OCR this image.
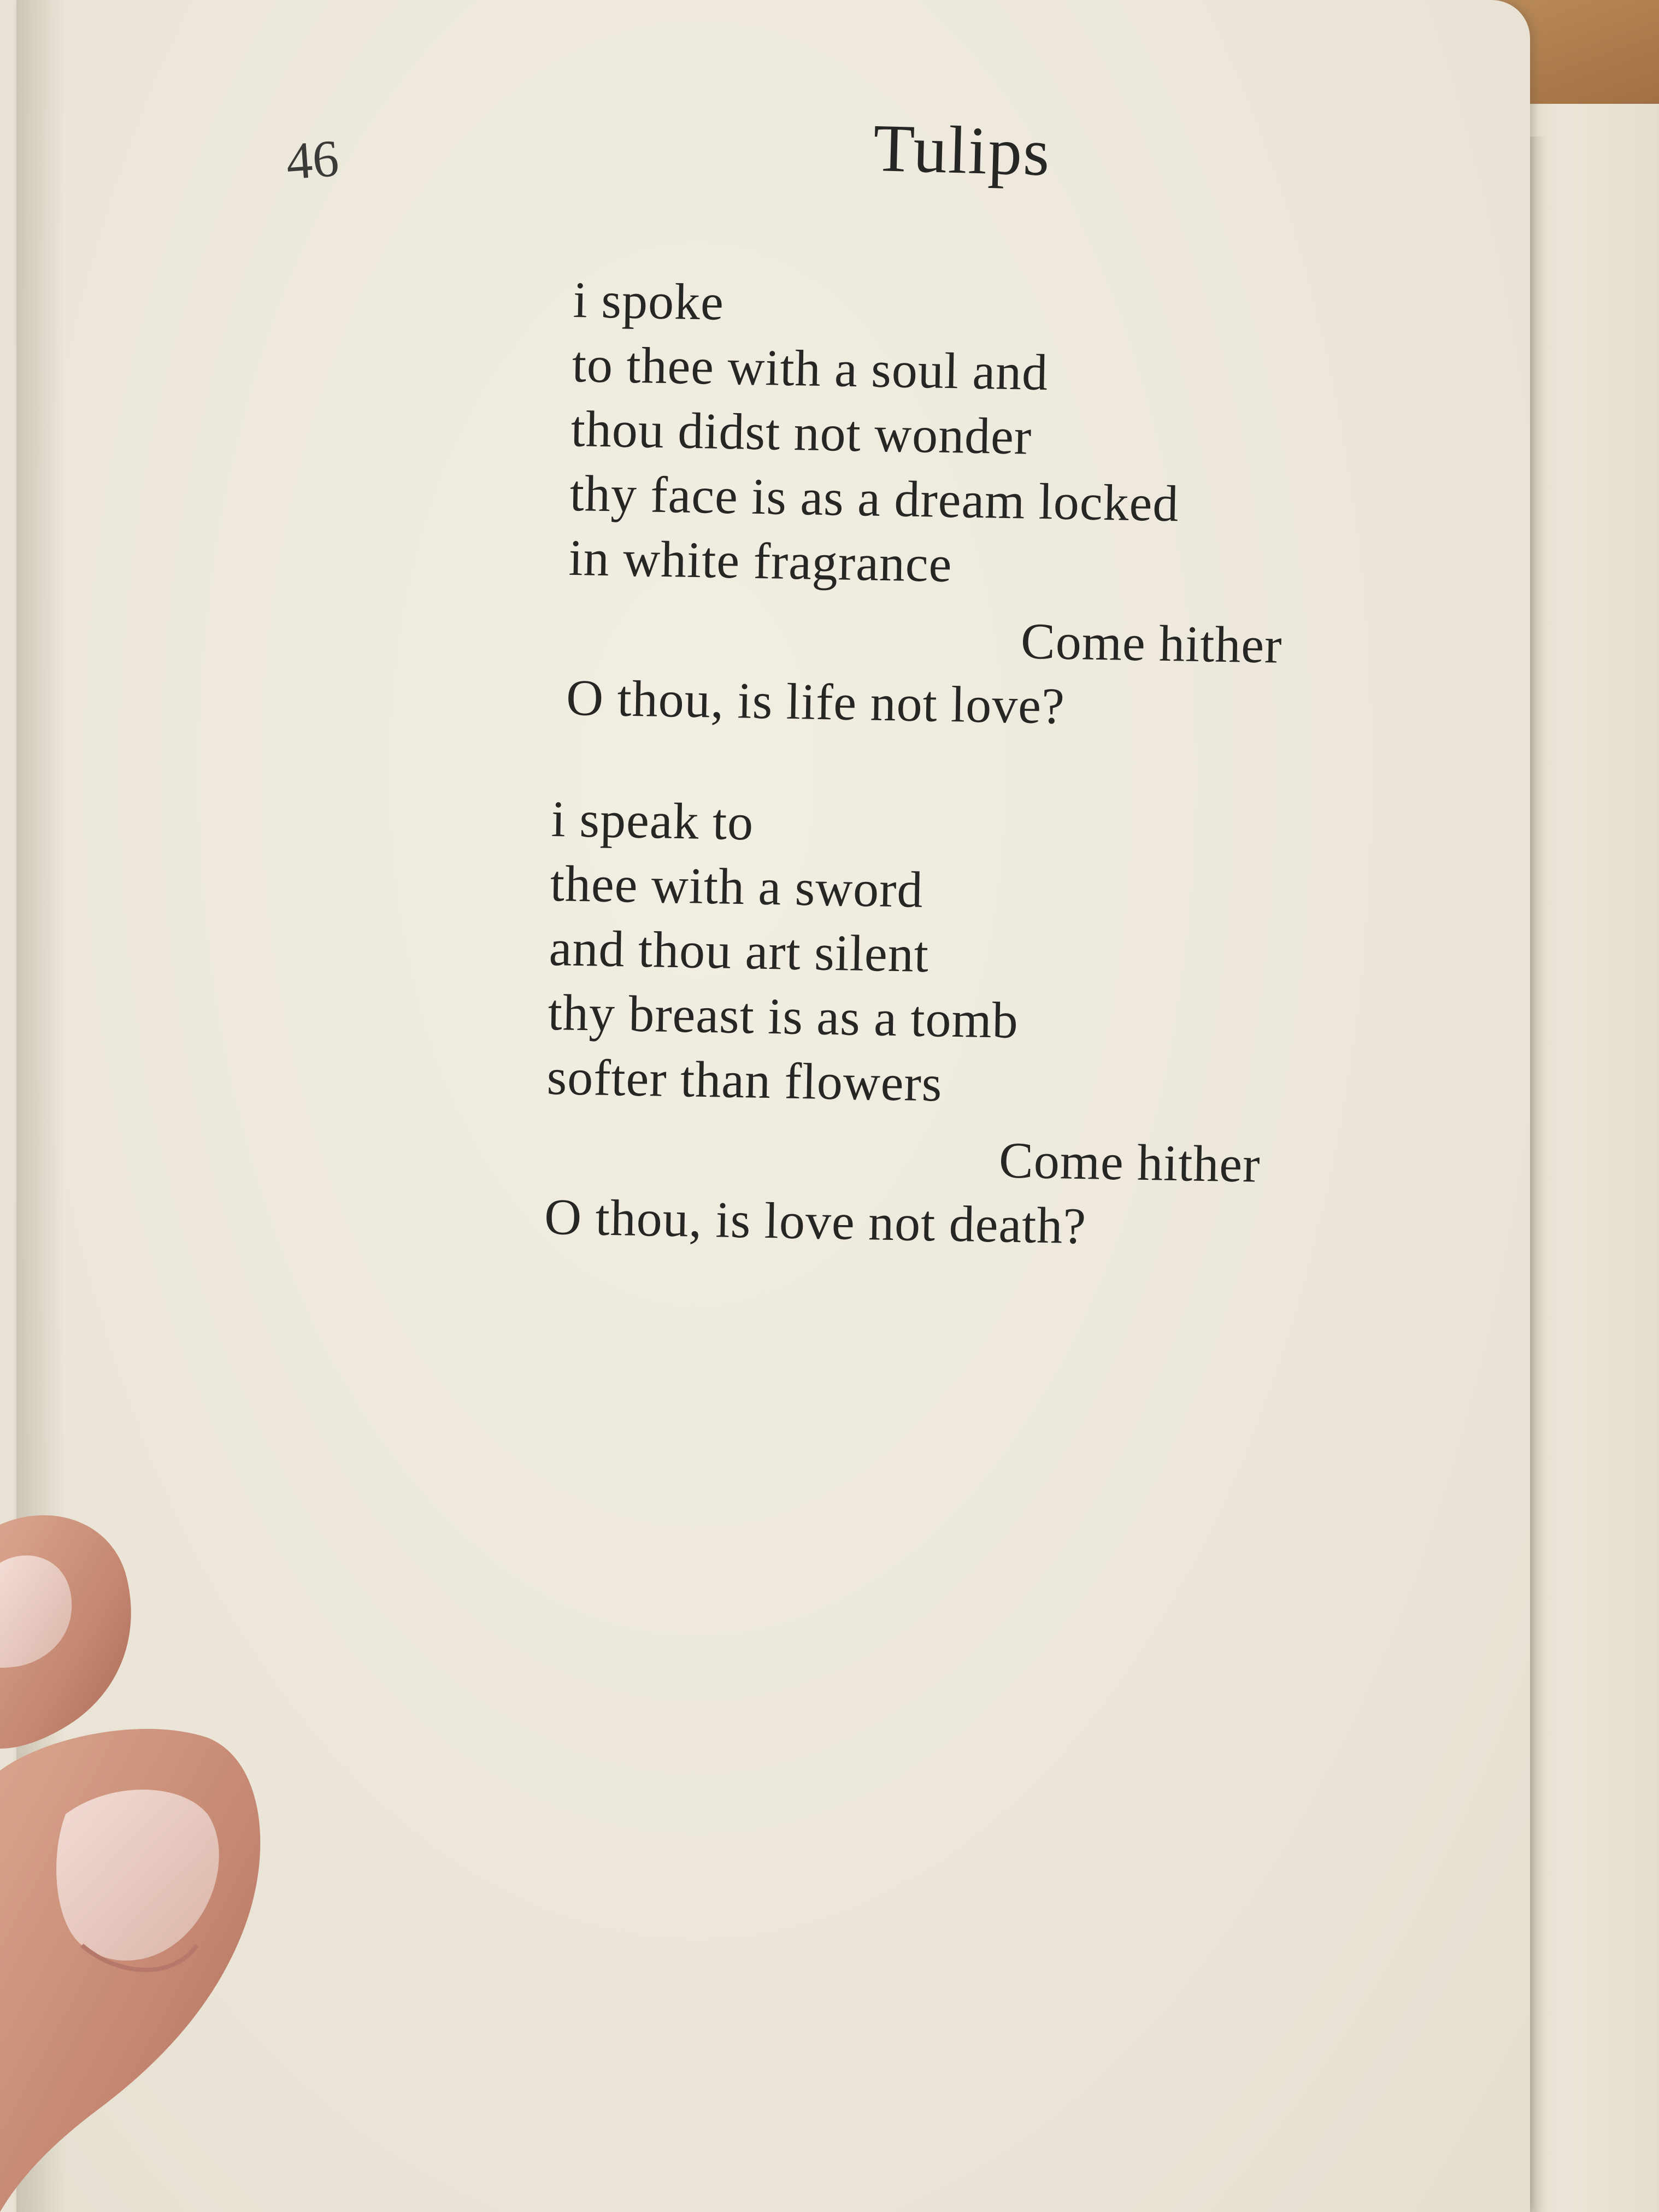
46	Tulips
i spoke
to thee with a soul and
thou didst not wonder
thy face is as a dream locked
in white fragrance
Come hither
O thou, is life not love?
i speak to
thee with a sword
and thou art silent
thy breast is as a tomb
softer than flowers
Come hither
O thou, is love not death?
